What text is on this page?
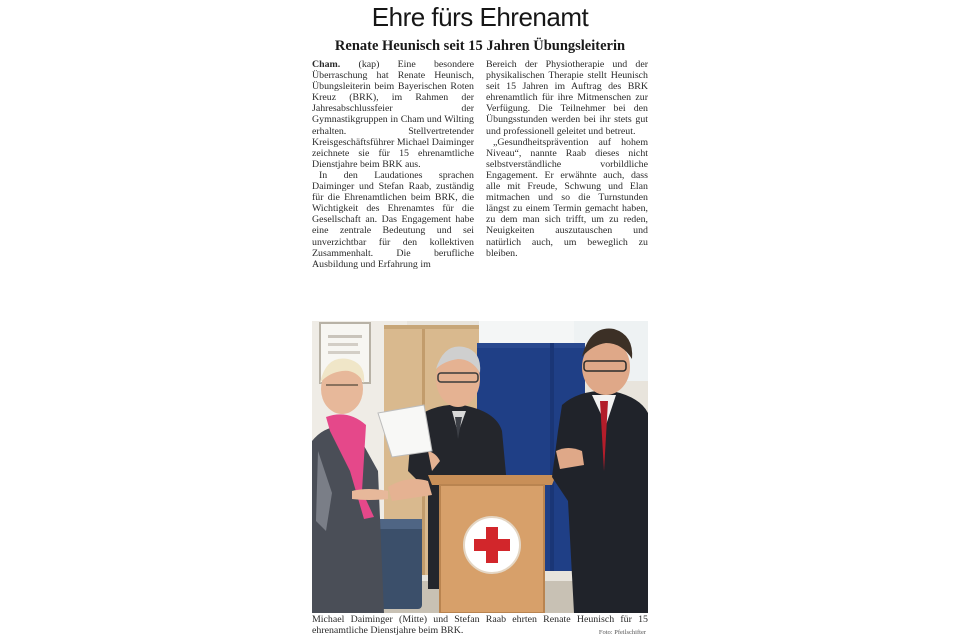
Ehre fürs Ehrenamt
Renate Heunisch seit 15 Jahren Übungsleiterin

Cham. (kap) Eine besondere Überraschung hat Renate Heunisch, Übungsleiterin beim Bayerischen Roten Kreuz (BRK), im Rahmen der Jahresabschlussfeier der Gymnastikgruppen in Cham und Wilting erhalten. Stellvertretender Kreisgeschäftsführer Michael Daiminger zeichnete sie für 15 ehrenamtliche Dienstjahre beim BRK aus.

In den Laudationes sprachen Daiminger und Stefan Raab, zuständig für die Ehrenamtlichen beim BRK, die Wichtigkeit des Ehrenamtes für die Gesellschaft an. Das Engagement habe eine zentrale Bedeutung und sei unverzichtbar für den kollektiven Zusammenhalt. Die berufliche Ausbildung und Erfahrung im

Bereich der Physiotherapie und der physikalischen Therapie stellt Heunisch seit 15 Jahren im Auftrag des BRK ehrenamtlich für ihre Mitmenschen zur Verfügung. Die Teilnehmer bei den Übungsstunden werden bei ihr stets gut und professionell geleitet und betreut.

„Gesundheitsprävention auf hohem Niveau“, nannte Raab dieses nicht selbstverständliche vorbildliche Engagement. Er erwähnte auch, dass alle mit Freude, Schwung und Elan mitmachen und so die Turnstunden längst zu einem Termin gemacht haben, zu dem man sich trifft, um zu reden, Neuigkeiten auszutauschen und natürlich auch, um beweglich zu bleiben.

Michael Daiminger (Mitte) und Stefan Raab ehrten Renate Heunisch für 15 ehrenamtliche Dienstjahre beim BRK.	Foto: Pfeilschifter
